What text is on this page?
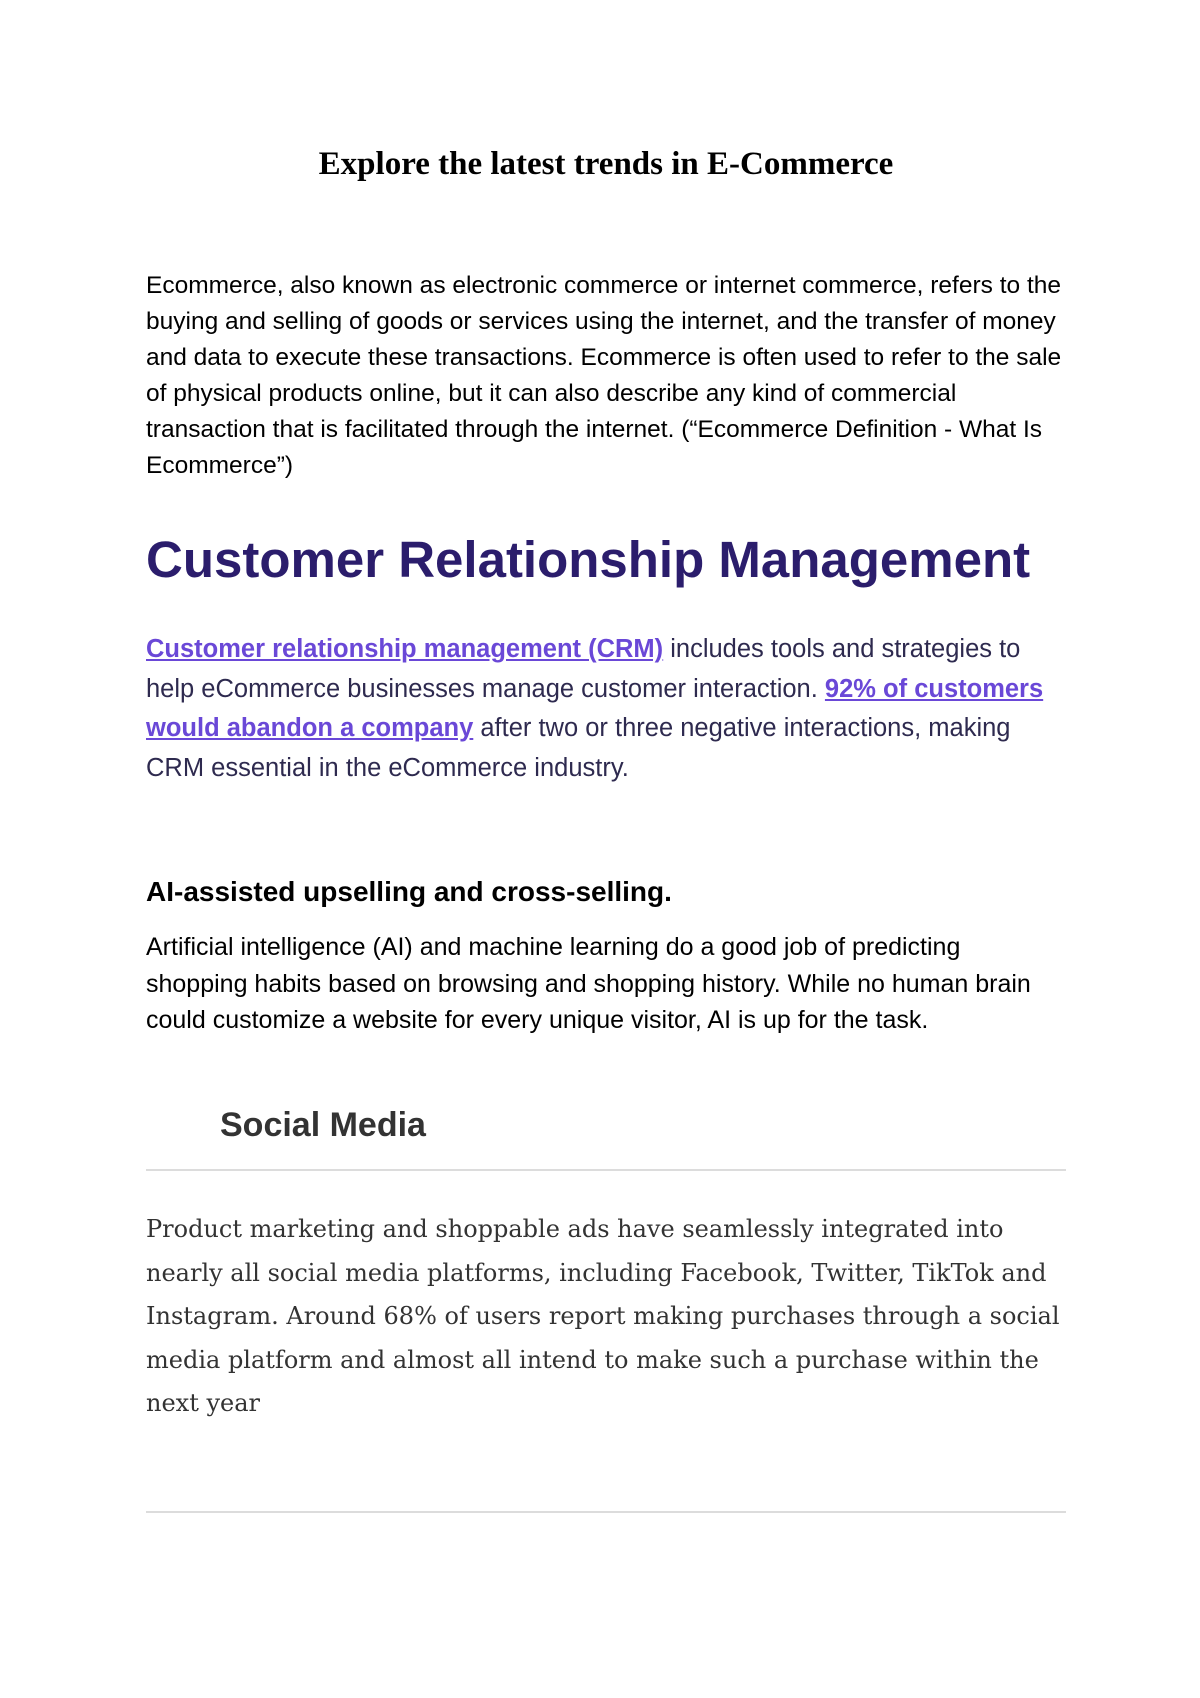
Explore the latest trends in E-Commerce

Ecommerce, also known as electronic commerce or internet commerce, refers to the buying and selling of goods or services using the internet, and the transfer of money and data to execute these transactions. Ecommerce is often used to refer to the sale of physical products online, but it can also describe any kind of commercial transaction that is facilitated through the internet. (“Ecommerce Definition - What Is Ecommerce”)

Customer Relationship Management

Customer relationship management (CRM) includes tools and strategies to help eCommerce businesses manage customer interaction. 92% of customers would abandon a company after two or three negative interactions, making CRM essential in the eCommerce industry.

AI-assisted upselling and cross-selling.

Artificial intelligence (AI) and machine learning do a good job of predicting shopping habits based on browsing and shopping history. While no human brain could customize a website for every unique visitor, AI is up for the task.

Social Media

Product marketing and shoppable ads have seamlessly integrated into nearly all social media platforms, including Facebook, Twitter, TikTok and Instagram. Around 68% of users report making purchases through a social media platform and almost all intend to make such a purchase within the next year
